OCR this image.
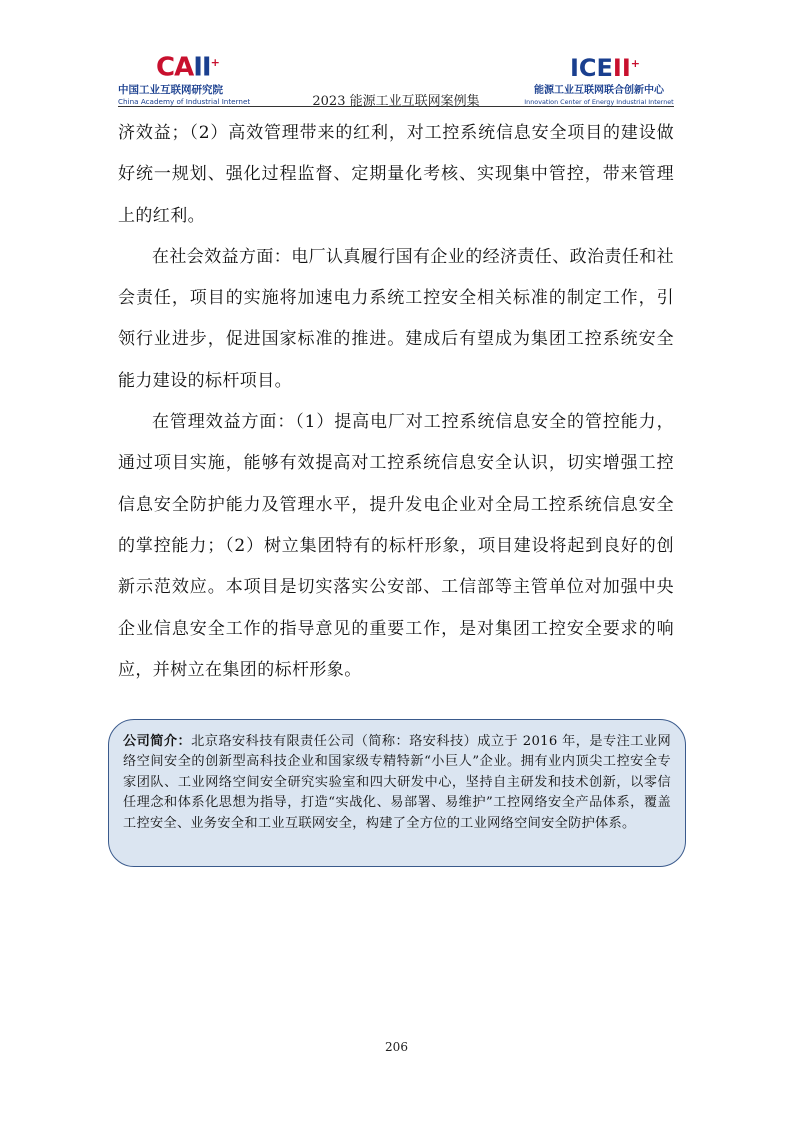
CAII+
中国工业互联网研究院
China Academy of Industrial Internet	2023 能源工业互联网案例集
ICEII+
能源工业互联网联合创新中心
Innovation Center of Energy Industrial Internet

济效益；（2）高效管理带来的红利，对工控系统信息安全项目的建设做好统一规划、强化过程监督、定期量化考核、实现集中管控，带来管理上的红利。

在社会效益方面：电厂认真履行国有企业的经济责任、政治责任和社会责任，项目的实施将加速电力系统工控安全相关标准的制定工作，引领行业进步，促进国家标准的推进。建成后有望成为集团工控系统安全能力建设的标杆项目。

在管理效益方面：（1）提高电厂对工控系统信息安全的管控能力，通过项目实施，能够有效提高对工控系统信息安全认识，切实增强工控信息安全防护能力及管理水平，提升发电企业对全局工控系统信息安全的掌控能力；（2）树立集团特有的标杆形象，项目建设将起到良好的创新示范效应。本项目是切实落实公安部、工信部等主管单位对加强中央企业信息安全工作的指导意见的重要工作，是对集团工控安全要求的响应，并树立在集团的标杆形象。

公司简介：北京珞安科技有限责任公司（简称：珞安科技）成立于 2016 年，是专注工业网络空间安全的创新型高科技企业和国家级专精特新“小巨人”企业。拥有业内顶尖工控安全专家团队、工业网络空间安全研究实验室和四大研发中心，坚持自主研发和技术创新，以零信任理念和体系化思想为指导，打造“实战化、易部署、易维护”工控网络安全产品体系，覆盖工控安全、业务安全和工业互联网安全，构建了全方位的工业网络空间安全防护体系。

206
